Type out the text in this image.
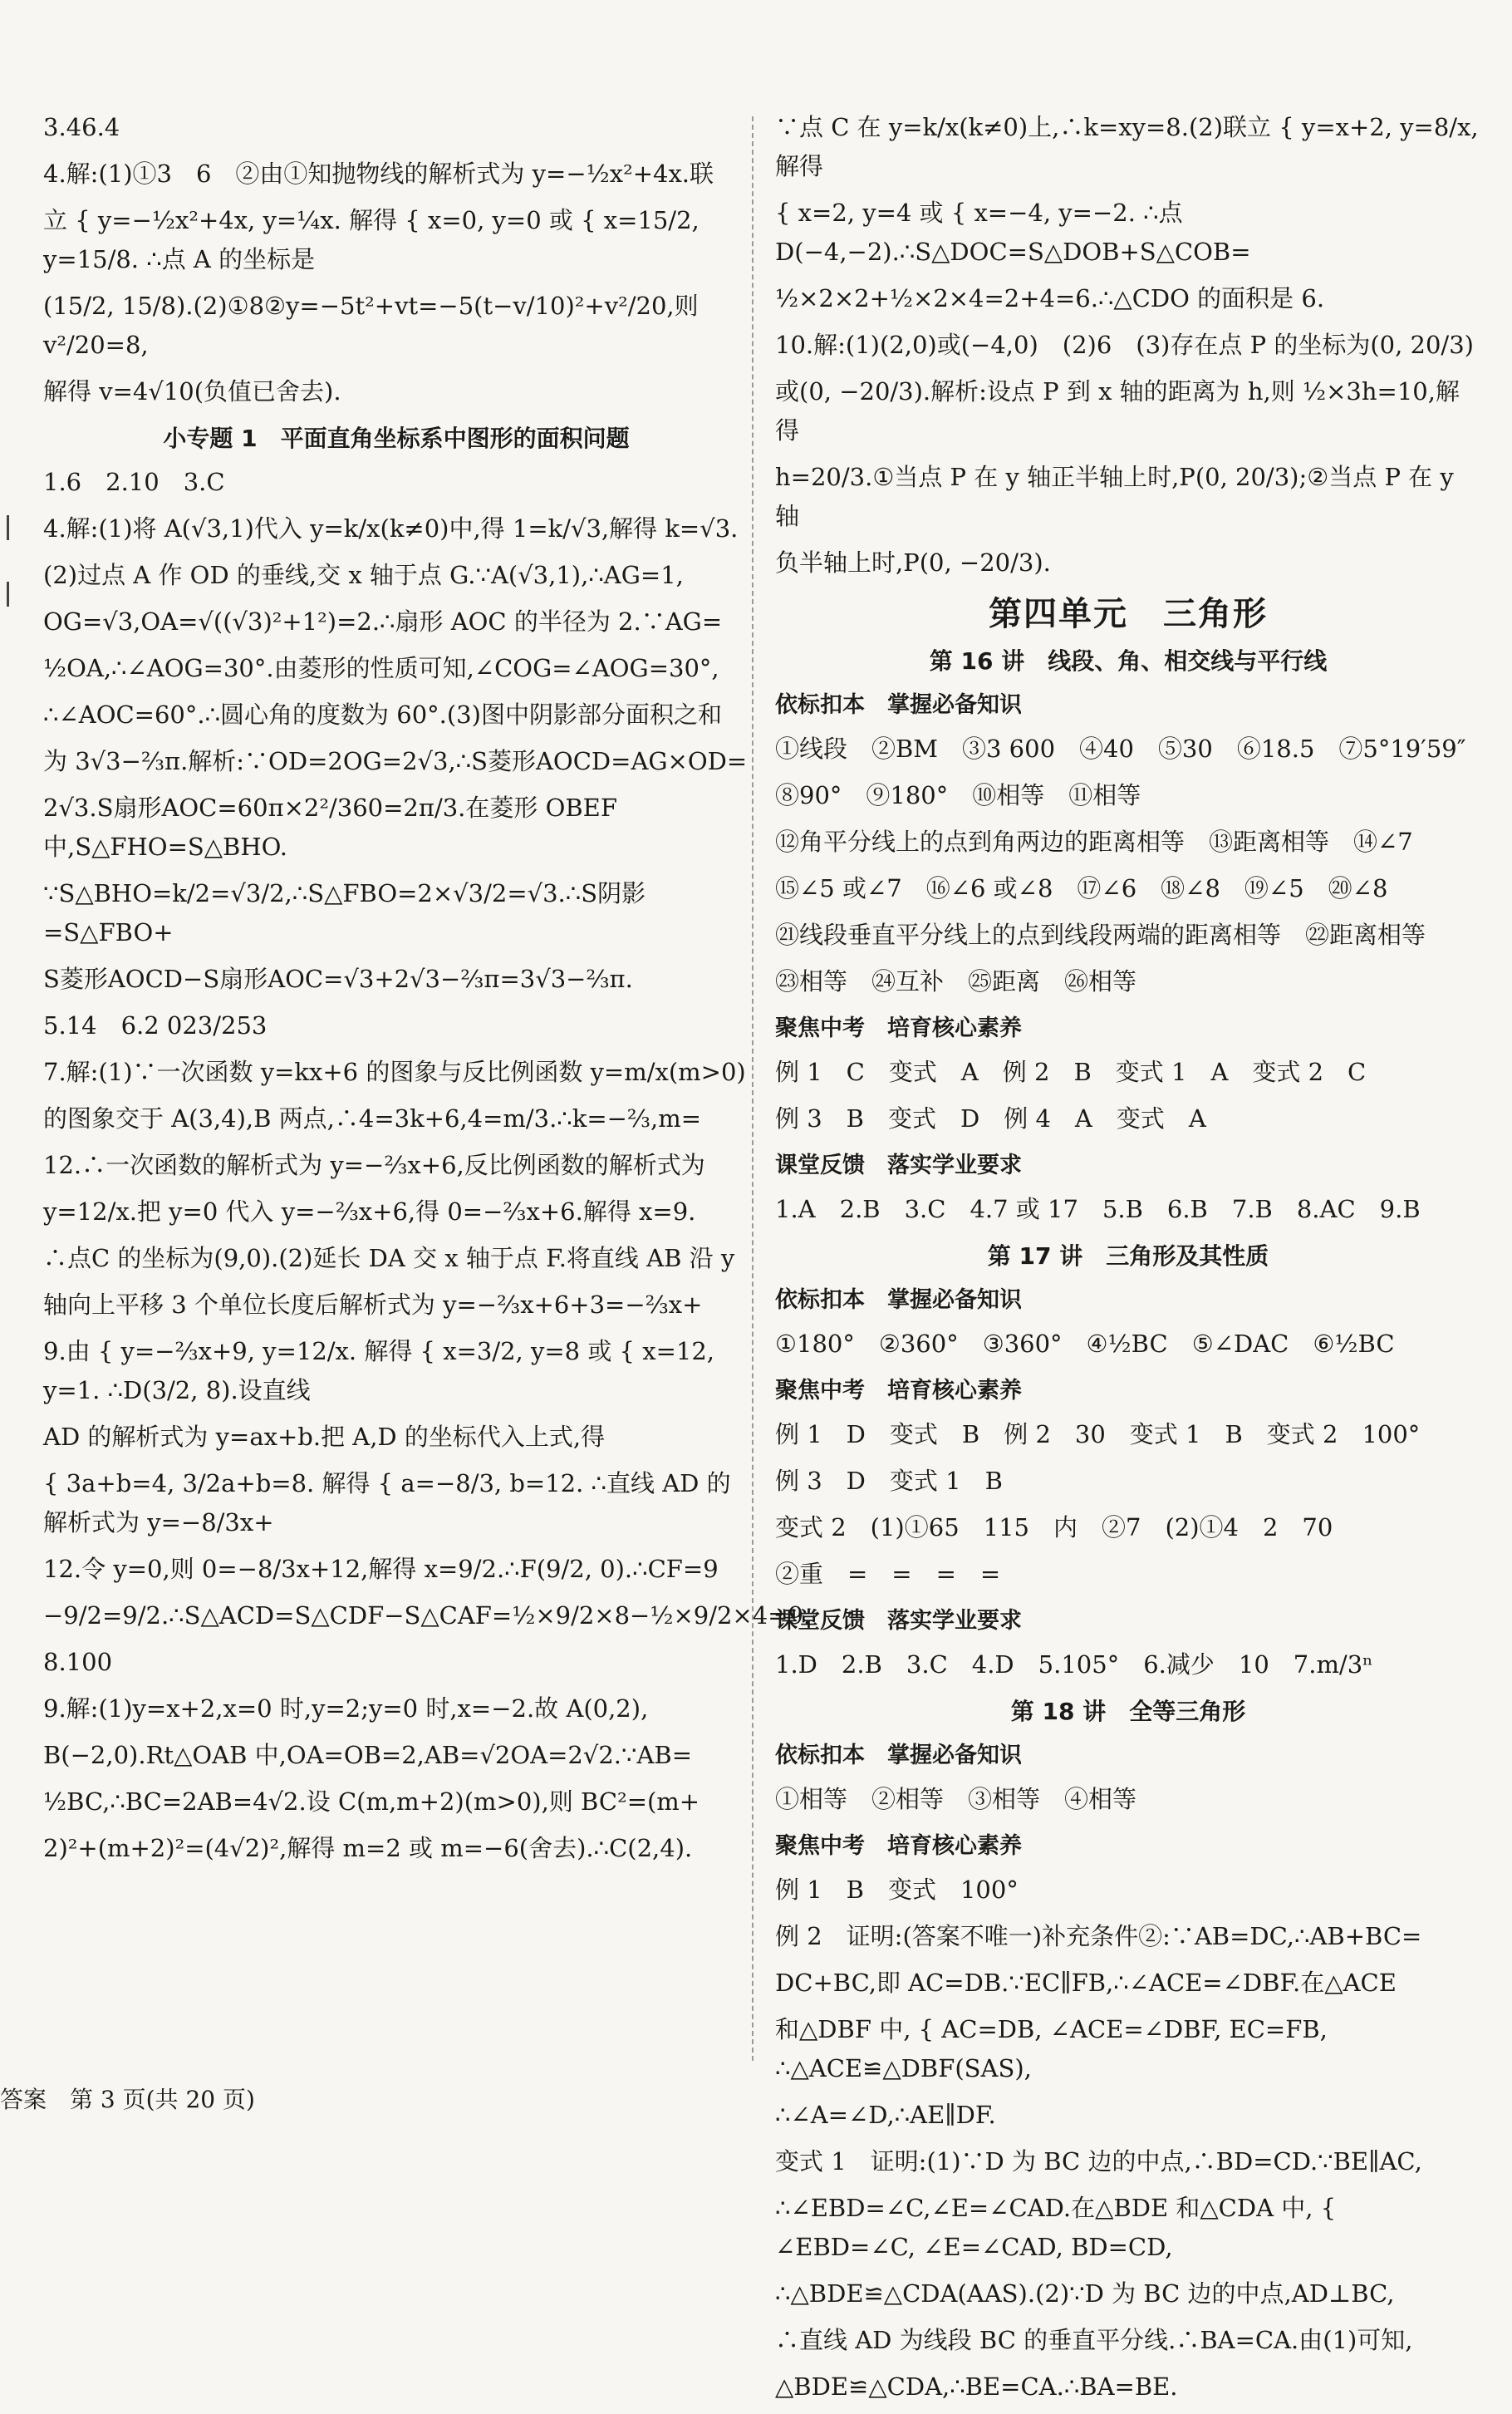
3.46.4
4.解:(1)①3　6　②由①知抛物线的解析式为 y=−½x²+4x.联
立 { y=−½x²+4x, y=¼x. 解得 { x=0, y=0 或 { x=15/2, y=15/8. ∴点 A 的坐标是
(15/2, 15/8).(2)①8②y=−5t²+vt=−5(t−v/10)²+v²/20,则 v²/20=8,
解得 v=4√10(负值已舍去).
小专题 1　平面直角坐标系中图形的面积问题
1.6　2.10　3.C
4.解:(1)将 A(√3,1)代入 y=k/x(k≠0)中,得 1=k/√3,解得 k=√3.
(2)过点 A 作 OD 的垂线,交 x 轴于点 G.∵A(√3,1),∴AG=1,
OG=√3,OA=√((√3)²+1²)=2.∴扇形 AOC 的半径为 2.∵AG=
½OA,∴∠AOG=30°.由菱形的性质可知,∠COG=∠AOG=30°,
∴∠AOC=60°.∴圆心角的度数为 60°.(3)图中阴影部分面积之和
为 3√3−⅔π.解析:∵OD=2OG=2√3,∴S菱形AOCD=AG×OD=
2√3.S扇形AOC=60π×2²/360=2π/3.在菱形 OBEF 中,S△FHO=S△BHO.
∵S△BHO=k/2=√3/2,∴S△FBO=2×√3/2=√3.∴S阴影=S△FBO+
S菱形AOCD−S扇形AOC=√3+2√3−⅔π=3√3−⅔π.
5.14　6.2 023/253
7.解:(1)∵一次函数 y=kx+6 的图象与反比例函数 y=m/x(m>0)
的图象交于 A(3,4),B 两点,∴4=3k+6,4=m/3.∴k=−⅔,m=
12.∴一次函数的解析式为 y=−⅔x+6,反比例函数的解析式为
y=12/x.把 y=0 代入 y=−⅔x+6,得 0=−⅔x+6.解得 x=9.
∴点C 的坐标为(9,0).(2)延长 DA 交 x 轴于点 F.将直线 AB 沿 y
轴向上平移 3 个单位长度后解析式为 y=−⅔x+6+3=−⅔x+
9.由 { y=−⅔x+9, y=12/x. 解得 { x=3/2, y=8 或 { x=12, y=1. ∴D(3/2, 8).设直线
AD 的解析式为 y=ax+b.把 A,D 的坐标代入上式,得
{ 3a+b=4, 3/2a+b=8. 解得 { a=−8/3, b=12. ∴直线 AD 的解析式为 y=−8/3x+
12.令 y=0,则 0=−8/3x+12,解得 x=9/2.∴F(9/2, 0).∴CF=9
−9/2=9/2.∴S△ACD=S△CDF−S△CAF=½×9/2×8−½×9/2×4=9.
8.100
9.解:(1)y=x+2,x=0 时,y=2;y=0 时,x=−2.故 A(0,2),
B(−2,0).Rt△OAB 中,OA=OB=2,AB=√2OA=2√2.∵AB=
½BC,∴BC=2AB=4√2.设 C(m,m+2)(m>0),则 BC²=(m+
2)²+(m+2)²=(4√2)²,解得 m=2 或 m=−6(舍去).∴C(2,4).
∵点 C 在 y=k/x(k≠0)上,∴k=xy=8.(2)联立 { y=x+2, y=8/x, 解得
{ x=2, y=4 或 { x=−4, y=−2. ∴点 D(−4,−2).∴S△DOC=S△DOB+S△COB=
½×2×2+½×2×4=2+4=6.∴△CDO 的面积是 6.
10.解:(1)(2,0)或(−4,0)　(2)6　(3)存在点 P 的坐标为(0, 20/3)
或(0, −20/3).解析:设点 P 到 x 轴的距离为 h,则 ½×3h=10,解得
h=20/3.①当点 P 在 y 轴正半轴上时,P(0, 20/3);②当点 P 在 y 轴
负半轴上时,P(0, −20/3).
第四单元　三角形
第 16 讲　线段、角、相交线与平行线
依标扣本　掌握必备知识
①线段　②BM　③3 600　④40　⑤30　⑥18.5　⑦5°19′59″
⑧90°　⑨180°　⑩相等　⑪相等
⑫角平分线上的点到角两边的距离相等　⑬距离相等　⑭∠7
⑮∠5 或∠7　⑯∠6 或∠8　⑰∠6　⑱∠8　⑲∠5　⑳∠8
㉑线段垂直平分线上的点到线段两端的距离相等　㉒距离相等
㉓相等　㉔互补　㉕距离　㉖相等
聚焦中考　培育核心素养
例 1　C　变式　A　例 2　B　变式 1　A　变式 2　C
例 3　B　变式　D　例 4　A　变式　A
课堂反馈　落实学业要求
1.A　2.B　3.C　4.7 或 17　5.B　6.B　7.B　8.AC　9.B
第 17 讲　三角形及其性质
依标扣本　掌握必备知识
①180°　②360°　③360°　④½BC　⑤∠DAC　⑥½BC
聚焦中考　培育核心素养
例 1　D　变式　B　例 2　30　变式 1　B　变式 2　100°
例 3　D　变式 1　B
变式 2　(1)①65　115　内　②7　(2)①4　2　70
②重　=　=　=　=
课堂反馈　落实学业要求
1.D　2.B　3.C　4.D　5.105°　6.减少　10　7.m/3ⁿ
第 18 讲　全等三角形
依标扣本　掌握必备知识
①相等　②相等　③相等　④相等
聚焦中考　培育核心素养
例 1　B　变式　100°
例 2　证明:(答案不唯一)补充条件②:∵AB=DC,∴AB+BC=
DC+BC,即 AC=DB.∵EC∥FB,∴∠ACE=∠DBF.在△ACE
和△DBF 中, { AC=DB, ∠ACE=∠DBF, EC=FB, ∴△ACE≌△DBF(SAS),
∴∠A=∠D,∴AE∥DF.
变式 1　证明:(1)∵D 为 BC 边的中点,∴BD=CD.∵BE∥AC,
∴∠EBD=∠C,∠E=∠CAD.在△BDE 和△CDA 中, { ∠EBD=∠C, ∠E=∠CAD, BD=CD,
∴△BDE≌△CDA(AAS).(2)∵D 为 BC 边的中点,AD⊥BC,
∴直线 AD 为线段 BC 的垂直平分线.∴BA=CA.由(1)可知,
△BDE≌△CDA,∴BE=CA.∴BA=BE.
答案　第 3 页(共 20 页)
